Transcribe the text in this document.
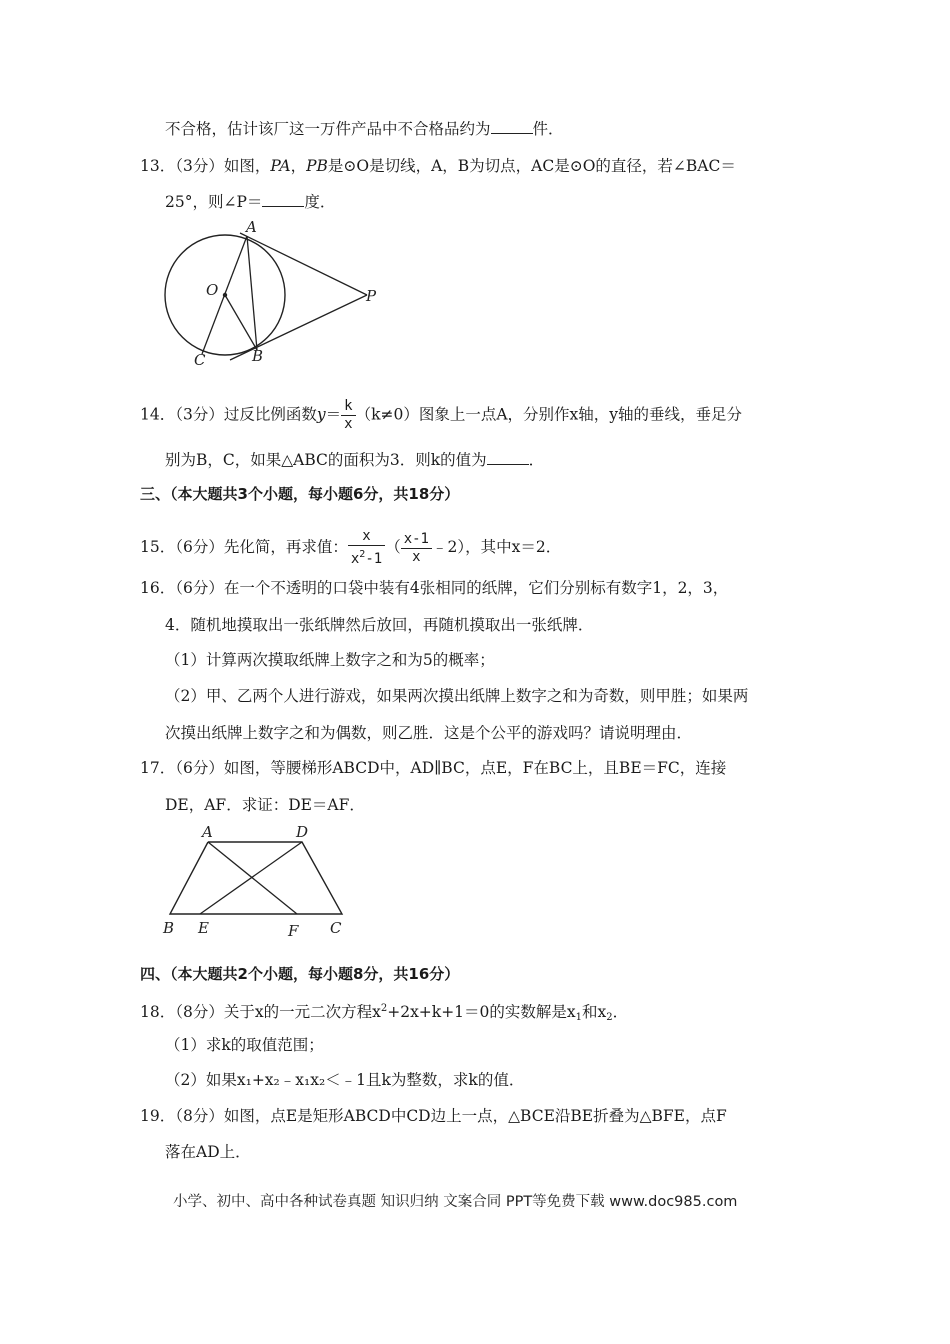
不合格，估计该厂这一万件产品中不合格品约为	件．
13．（3分）如图，PA，PB是⊙O是切线，A，B为切点，AC是⊙O的直径，若∠BAC＝
25°，则∠P＝	度．
A
O	P
C	B
14．（3分）过反比例函数$y= \frac{k}{x} (k\ne 0)$图象上一点A，分别作x轴，y轴的垂线，垂足分
别为B，C，如果△ABC的面积为3．则k的值为	．
三、（本大题共3个小题，每小题6分，共18分）
15．（6分）先化简，再求值： $\frac{x}{x^2-1}$ （ $\frac{x-1}{x}$ ﹣2），其中x＝2．
16．（6分）在一个不透明的口袋中装有4张相同的纸牌，它们分别标有数字1，2，3，
4．随机地摸取出一张纸牌然后放回，再随机摸取出一张纸牌．
（1）计算两次摸取纸牌上数字之和为5的概率；
（2）甲、乙两个人进行游戏，如果两次摸出纸牌上数字之和为奇数，则甲胜；如果两
次摸出纸牌上数字之和为偶数，则乙胜．这是个公平的游戏吗？请说明理由．
17．（6分）如图，等腰梯形ABCD中，AD∥BC，点E，F在BC上，且BE＝FC，连接
DE，AF．求证：DE＝AF．
A	D
B E	F C
四、（本大题共2个小题，每小题8分，共16分）
18．（8分）关于x的一元二次方程$x^2+2x+k+1=0$的实数解是$x_1$和$x_2$．
（1）求k的取值范围；
（2）如果x₁+x₂﹣x₁x₂＜﹣1且k为整数，求k的值．
19．（8分）如图，点E是矩形ABCD中CD边上一点，△BCE沿BE折叠为△BFE，点F
落在AD上．
小学、初中、高中各种试卷真题 知识归纳 文案合同 PPT等免费下载 www.doc985.com
